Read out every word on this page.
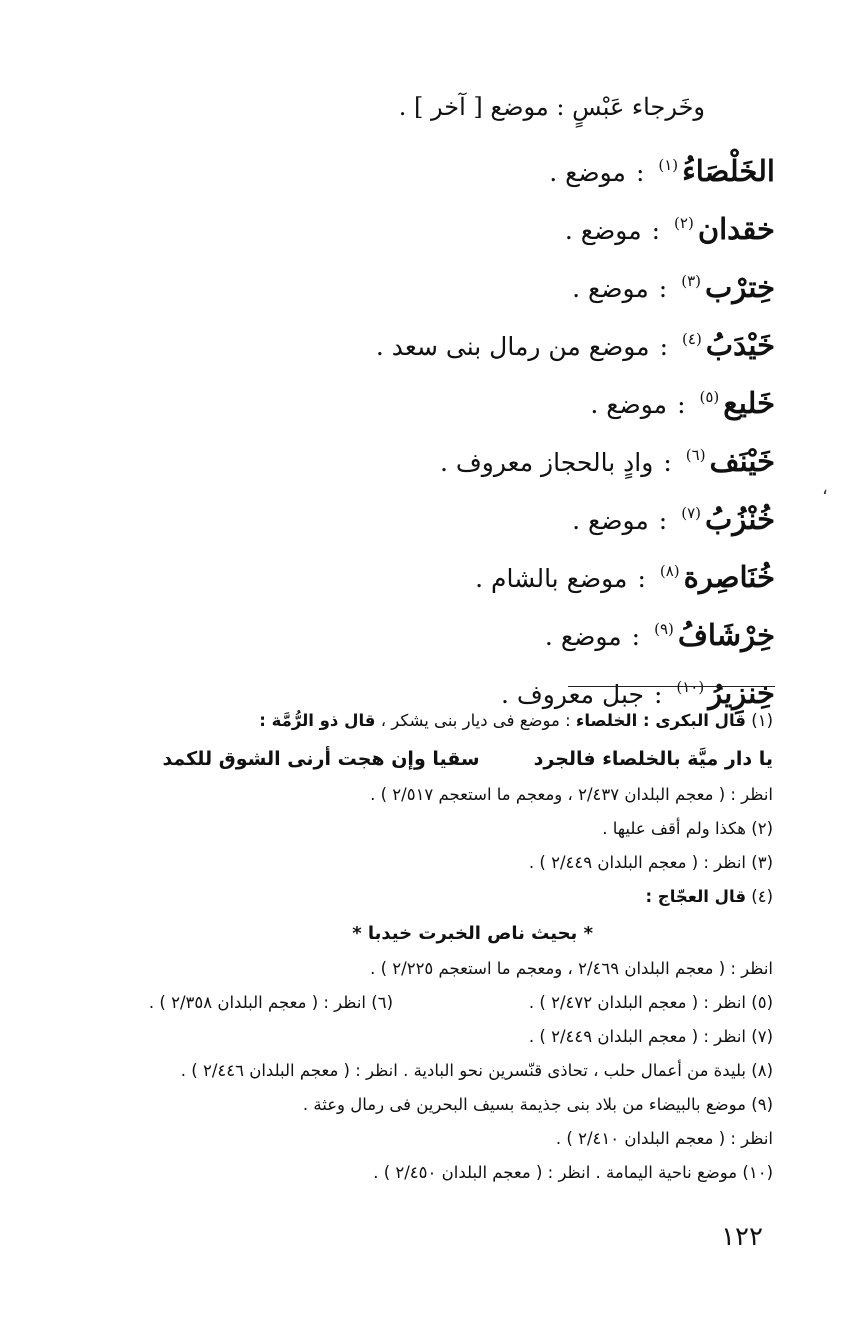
وخَرجاء عَبْسٍ : موضع [ آخر ] .
الخَلْصَاءُ$^{(١)}$:موضع .
خقدان$^{(٢)}$:موضع .
خِترْب$^{(٣)}$:موضع .
خَيْدَبُ$^{(٤)}$:موضع من رمال بنى سعد .
خَليع$^{(٥)}$:موضع .
خَيْنَف$^{(٦)}$:وادٍ بالحجاز معروف .
خُنْزُبُ$^{(٧)}$:موضع .
خُنَاصِرة$^{(٨)}$:موضع بالشام .
خِرْشَافُ$^{(٩)}$:موضع .
خِنزِيرُ$^{(١٠)}$:جبل معروف .
،
(١) قال البكرى : الخلصاء : موضع فى ديار بنى يشكر ، قال ذو الرُّمَّة :
يا دار ميَّة بالخلصاء فالجردسقيا وإن هجت أرنى الشوق للكمد
انظر : ( معجم البلدان ٢/٤٣٧ ، ومعجم ما استعجم ٢/٥١٧ ) .
(٢) هكذا ولم أقف عليها .
(٣) انظر : ( معجم البلدان ٢/٤٤٩ ) .
(٤) قال العجّاج :
* بحيث ناص الخبرت خيدبا *
انظر : ( معجم البلدان ٢/٤٦٩ ، ومعجم ما استعجم ٢/٢٢٥ ) .
(٥) انظر : ( معجم البلدان ٢/٤٧٢ ) .
(٦) انظر : ( معجم البلدان ٢/٣٥٨ ) .
(٧) انظر : ( معجم البلدان ٢/٤٤٩ ) .
(٨) بليدة من أعمال حلب ، تحاذى قنّسرين نحو البادية . انظر : ( معجم البلدان ٢/٤٤٦ ) .
(٩) موضع بالبيضاء من بلاد بنى جذيمة بسيف البحرين فى رمال وعثة .
انظر : ( معجم البلدان ٢/٤١٠ ) .
(١٠) موضع ناحية اليمامة . انظر : ( معجم البلدان ٢/٤٥٠ ) .
١٢٢
